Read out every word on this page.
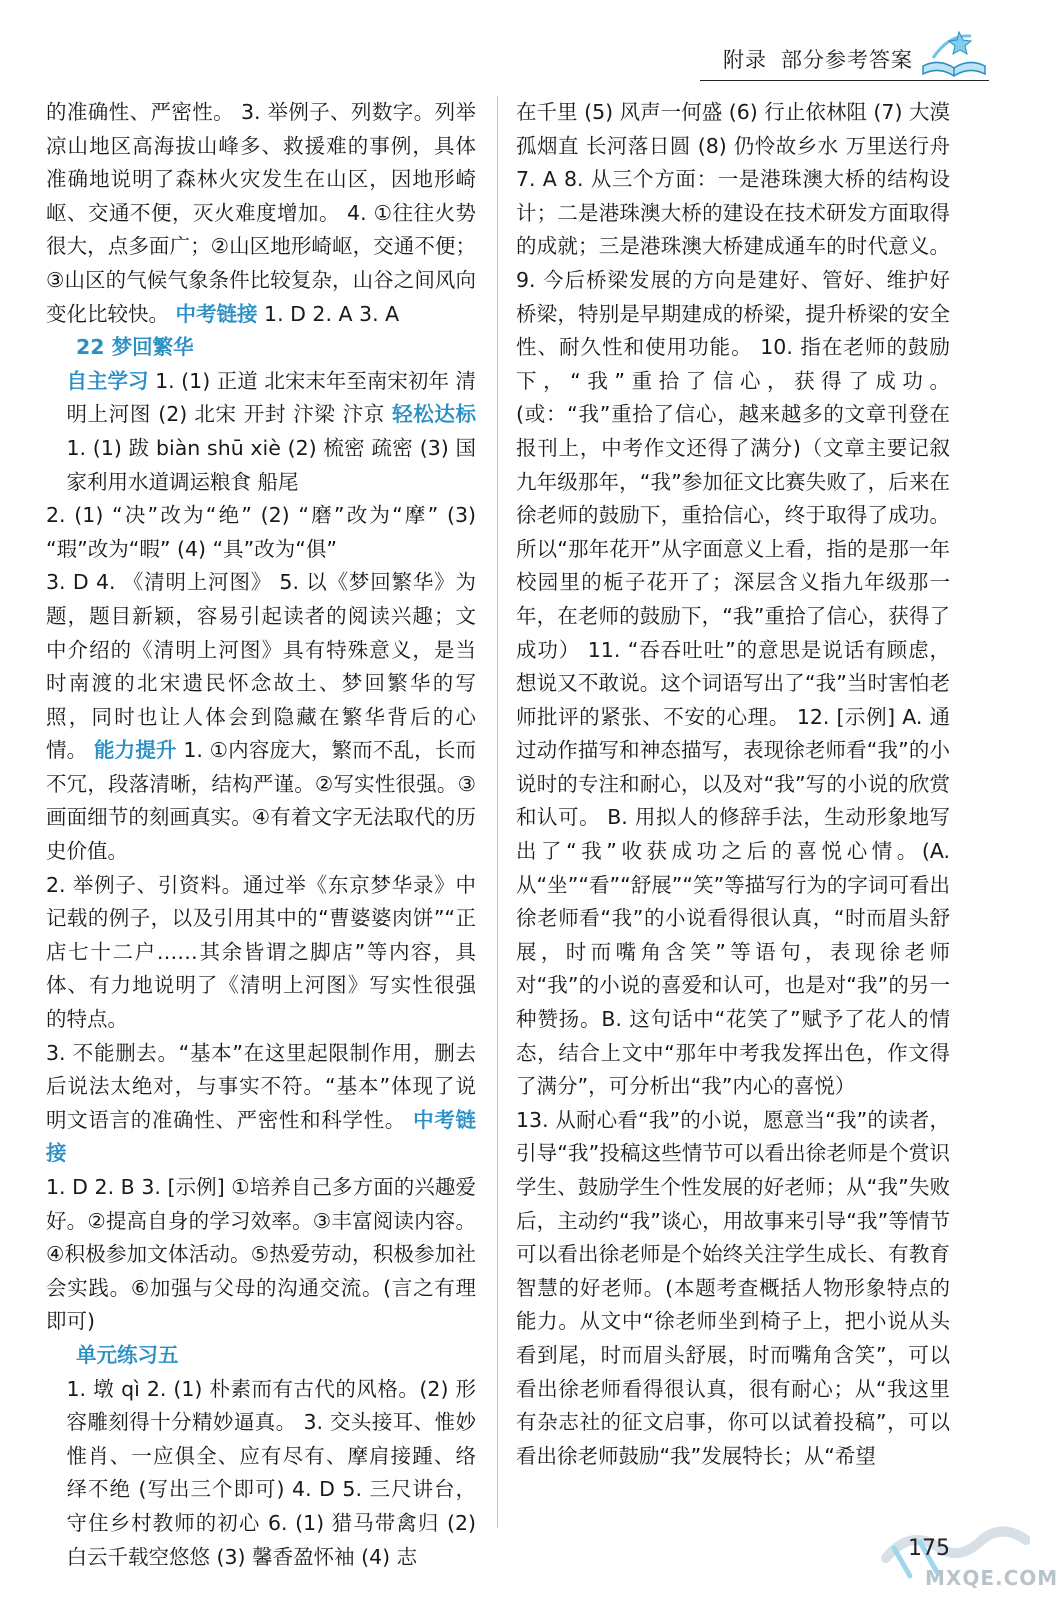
附录 部分参考答案

的准确性、严密性。 3. 举例子、列数字。列举凉山地区高海拔山峰多、救援难的事例，具体准确地说明了森林火灾发生在山区，因地形崎岖、交通不便，灭火难度增加。 4. ①往往火势很大，点多面广；②山区地形崎岖，交通不便；③山区的气候气象条件比较复杂，山谷之间风向变化比较快。 中考链接 1. D 2. A 3. A

22 梦回繁华

自主学习 1. (1) 正道 北宋末年至南宋初年 清明上河图 (2) 北宋 开封 汴梁 汴京 轻松达标 1. (1) 跋 biàn shū xiè (2) 梳密 疏密 (3) 国家利用水道调运粮食 船尾

2. (1) “决”改为“绝” (2) “磨”改为“摩” (3) “瑕”改为“暇” (4) “具”改为“俱”

3. D 4. 《清明上河图》 5. 以《梦回繁华》为题，题目新颖，容易引起读者的阅读兴趣；文中介绍的《清明上河图》具有特殊意义，是当时南渡的北宋遗民怀念故土、梦回繁华的写照，同时也让人体会到隐藏在繁华背后的心情。 能力提升 1. ①内容庞大，繁而不乱，长而不冗，段落清晰，结构严谨。②写实性很强。③画面细节的刻画真实。④有着文字无法取代的历史价值。

2. 举例子、引资料。通过举《东京梦华录》中记载的例子，以及引用其中的“曹婆婆肉饼”“正店七十二户……其余皆谓之脚店”等内容，具体、有力地说明了《清明上河图》写实性很强的特点。

3. 不能删去。“基本”在这里起限制作用，删去后说法太绝对，与事实不符。“基本”体现了说明文语言的准确性、严密性和科学性。 中考链接

1. D 2. B 3. [示例] ①培养自己多方面的兴趣爱好。②提高自身的学习效率。③丰富阅读内容。④积极参加文体活动。⑤热爱劳动，积极参加社会实践。⑥加强与父母的沟通交流。(言之有理即可)

单元练习五

1. 墩 qì 2. (1) 朴素而有古代的风格。(2) 形容雕刻得十分精妙逼真。 3. 交头接耳、惟妙惟肖、一应俱全、应有尽有、摩肩接踵、络绎不绝 (写出三个即可) 4. D 5. 三尺讲台，守住乡村教师的初心 6. (1) 猎马带禽归 (2) 白云千载空悠悠 (3) 馨香盈怀袖 (4) 志

在千里 (5) 风声一何盛 (6) 行止依林阻 (7) 大漠孤烟直 长河落日圆 (8) 仍怜故乡水 万里送行舟 7. A 8. 从三个方面：一是港珠澳大桥的结构设计；二是港珠澳大桥的建设在技术研发方面取得的成就；三是港珠澳大桥建成通车的时代意义。 9. 今后桥梁发展的方向是建好、管好、维护好桥梁，特别是早期建成的桥梁，提升桥梁的安全性、耐久性和使用功能。 10. 指在老师的鼓励下，“我”重拾了信心，获得了成功。(或：“我”重拾了信心，越来越多的文章刊登在报刊上，中考作文还得了满分)（文章主要记叙九年级那年，“我”参加征文比赛失败了，后来在徐老师的鼓励下，重拾信心，终于取得了成功。所以“那年花开”从字面意义上看，指的是那一年校园里的栀子花开了；深层含义指九年级那一年，在老师的鼓励下，“我”重拾了信心，获得了成功） 11. “吞吞吐吐”的意思是说话有顾虑，想说又不敢说。这个词语写出了“我”当时害怕老师批评的紧张、不安的心理。 12. [示例] A. 通过动作描写和神态描写，表现徐老师看“我”的小说时的专注和耐心，以及对“我”写的小说的欣赏和认可。 B. 用拟人的修辞手法，生动形象地写出了“我”收获成功之后的喜悦心情。(A. 从“坐”“看”“舒展”“笑”等描写行为的字词可看出徐老师看“我”的小说看得很认真，“时而眉头舒展，时而嘴角含笑”等语句，表现徐老师对“我”的小说的喜爱和认可，也是对“我”的另一种赞扬。B. 这句话中“花笑了”赋予了花人的情态，结合上文中“那年中考我发挥出色，作文得了满分”，可分析出“我”内心的喜悦）

13. 从耐心看“我”的小说，愿意当“我”的读者，引导“我”投稿这些情节可以看出徐老师是个赏识学生、鼓励学生个性发展的好老师；从“我”失败后，主动约“我”谈心，用故事来引导“我”等情节可以看出徐老师是个始终关注学生成长、有教育智慧的好老师。(本题考查概括人物形象特点的能力。从文中“徐老师坐到椅子上，把小说从头看到尾，时而眉头舒展，时而嘴角含笑”，可以看出徐老师看得很认真，很有耐心；从“我这里有杂志社的征文启事，你可以试着投稿”，可以看出徐老师鼓励“我”发展特长；从“希望

175
MXQE.COM
